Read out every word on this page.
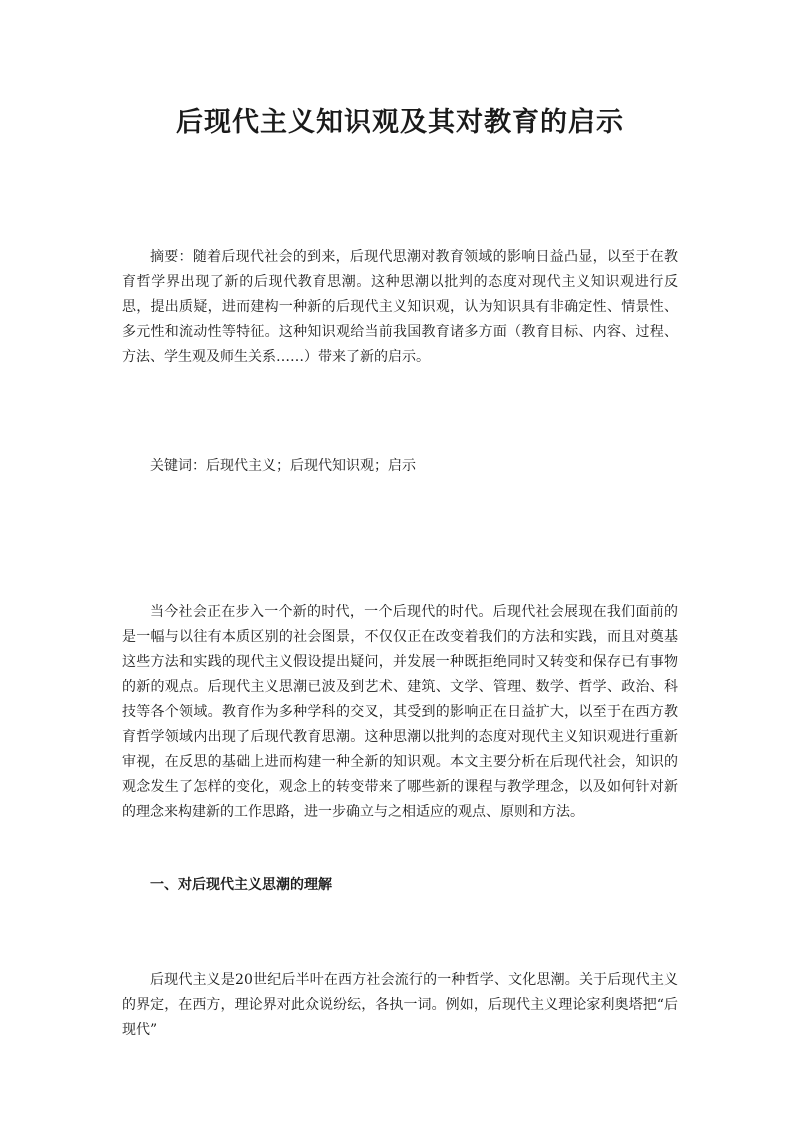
后现代主义知识观及其对教育的启示

摘要：随着后现代社会的到来，后现代思潮对教育领域的影响日益凸显，以至于在教育哲学界出现了新的后现代教育思潮。这种思潮以批判的态度对现代主义知识观进行反思，提出质疑，进而建构一种新的后现代主义知识观，认为知识具有非确定性、情景性、多元性和流动性等特征。这种知识观给当前我国教育诸多方面（教育目标、内容、过程、方法、学生观及师生关系……）带来了新的启示。

关键词：后现代主义；后现代知识观；启示

当今社会正在步入一个新的时代，一个后现代的时代。后现代社会展现在我们面前的是一幅与以往有本质区别的社会图景，不仅仅正在改变着我们的方法和实践，而且对奠基这些方法和实践的现代主义假设提出疑问，并发展一种既拒绝同时又转变和保存已有事物的新的观点。后现代主义思潮已波及到艺术、建筑、文学、管理、数学、哲学、政治、科技等各个领域。教育作为多种学科的交叉，其受到的影响正在日益扩大，以至于在西方教育哲学领域内出现了后现代教育思潮。这种思潮以批判的态度对现代主义知识观进行重新审视，在反思的基础上进而构建一种全新的知识观。本文主要分析在后现代社会，知识的观念发生了怎样的变化，观念上的转变带来了哪些新的课程与教学理念，以及如何针对新的理念来构建新的工作思路，进一步确立与之相适应的观点、原则和方法。

一、对后现代主义思潮的理解

后现代主义是20世纪后半叶在西方社会流行的一种哲学、文化思潮。关于后现代主义的界定，在西方，理论界对此众说纷纭，各执一词。例如，后现代主义理论家利奥塔把“后现代”
